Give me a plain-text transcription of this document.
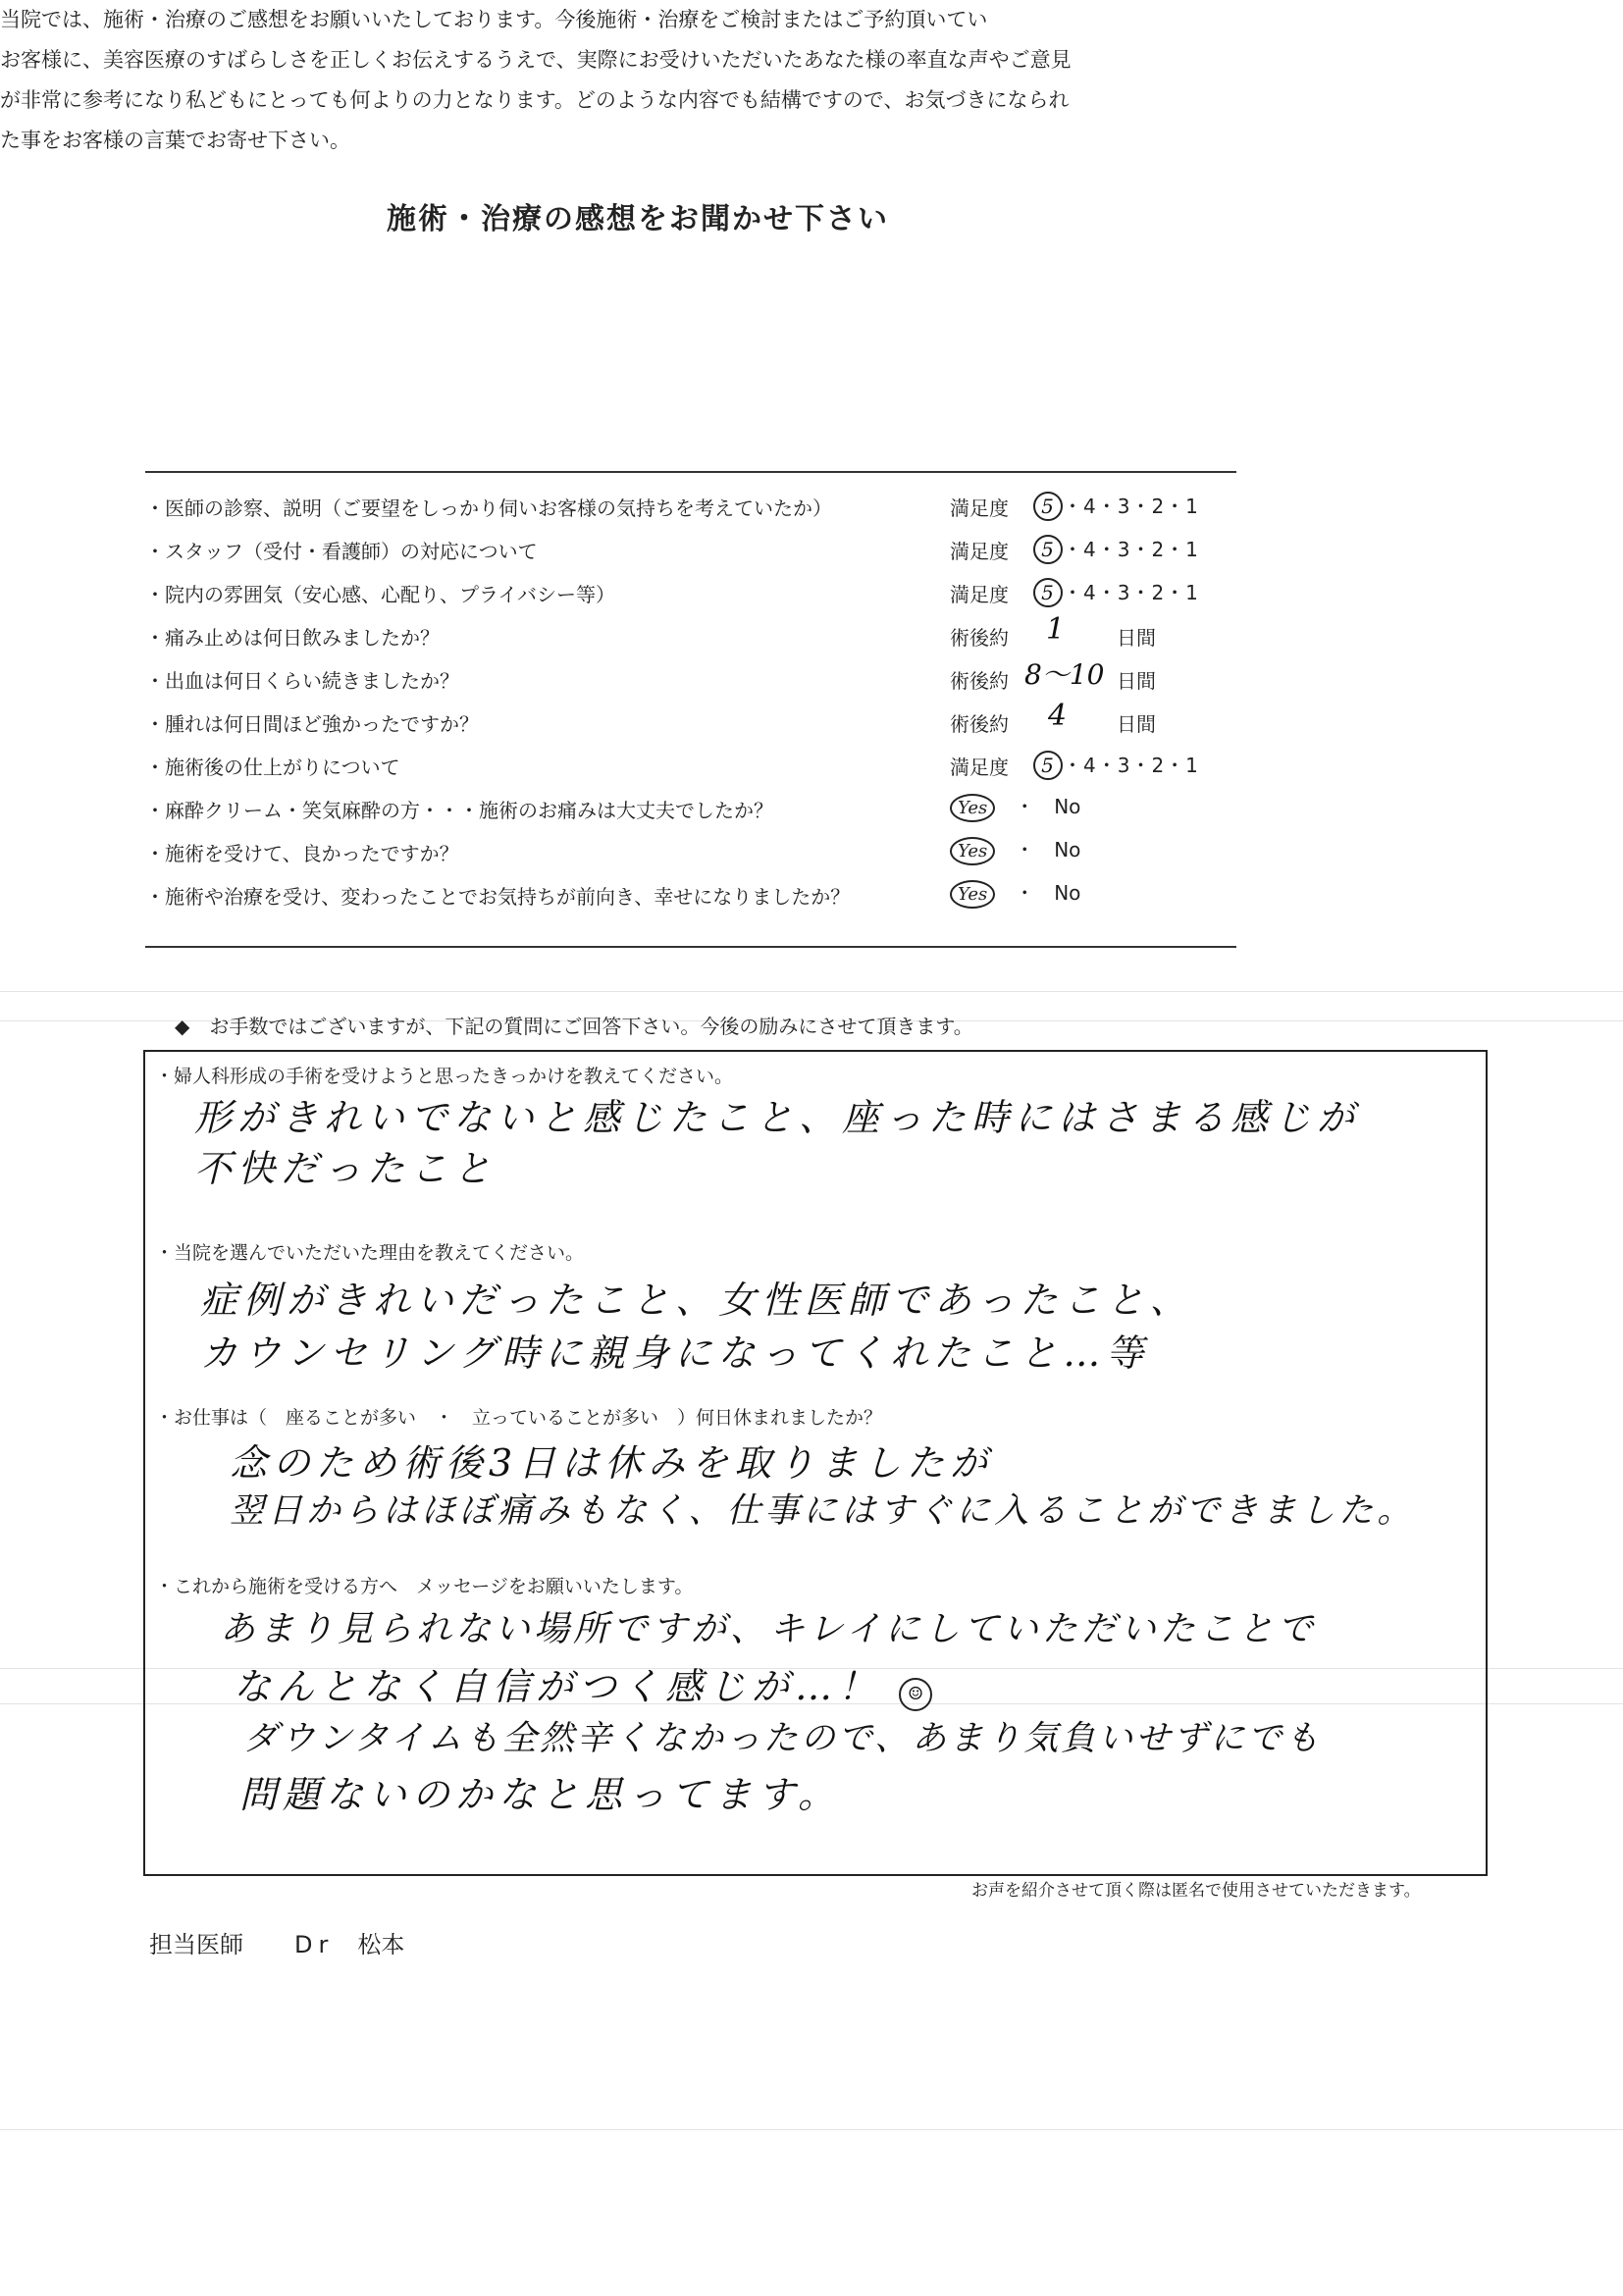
施術・治療の感想をお聞かせ下さい
当院では、施術・治療のご感想をお願いいたしております。今後施術・治療をご検討またはご予約頂いてい
お客様に、美容医療のすばらしさを正しくお伝えするうえで、実際にお受けいただいたあなた様の率直な声やご意見
が非常に参考になり私どもにとっても何よりの力となります。どのような内容でも結構ですので、お気づきになられ
た事をお客様の言葉でお寄せ下さい。
・医師の診察、説明（ご要望をしっかり伺いお客様の気持ちを考えていたか）	満足度 5 ・4・3・2・1
・スタッフ（受付・看護師）の対応について	満足度 5 ・4・3・2・1
・院内の雰囲気（安心感、心配り、プライバシー等）	満足度 5 ・4・3・2・1
・痛み止めは何日飲みましたか？	術後約 1	日間
・出血は何日くらい続きましたか？	術後約 8〜10 日間
・腫れは何日間ほど強かったですか？	術後約 4	日間
・施術後の仕上がりについて	満足度 5 ・4・3・2・1
・麻酔クリーム・笑気麻酔の方・・・施術のお痛みは大丈夫でしたか？	Yes　 ・　 No
・施術を受けて、良かったですか？	Yes　 ・　 No
・施術や治療を受け、変わったことでお気持ちが前向き、幸せになりましたか？	Yes　 ・　 No
◆　お手数ではございますが、下記の質問にご回答下さい。今後の励みにさせて頂きます。
・婦人科形成の手術を受けようと思ったきっかけを教えてください。
形がきれいでないと感じたこと、座った時にはさまる感じが
不快だったこと
・当院を選んでいただいた理由を教えてください。
症例がきれいだったこと、女性医師であったこと、
カウンセリング時に親身になってくれたこと…等
・お仕事は（　座ることが多い　・　立っていることが多い　）何日休まれましたか？
念のため術後3日は休みを取りましたが
翌日からはほぼ痛みもなく、仕事にはすぐに入ることができました。
・これから施術を受ける方へ　メッセージをお願いいたします。
あまり見られない場所ですが、キレイにしていただいたことで
なんとなく自信がつく感じが…！ ☺
ダウンタイムも全然辛くなかったので、あまり気負いせずにでも
問題ないのかなと思ってます。
お声を紹介させて頂く際は匿名で使用させていただきます。
担当医師 Dr 松本
